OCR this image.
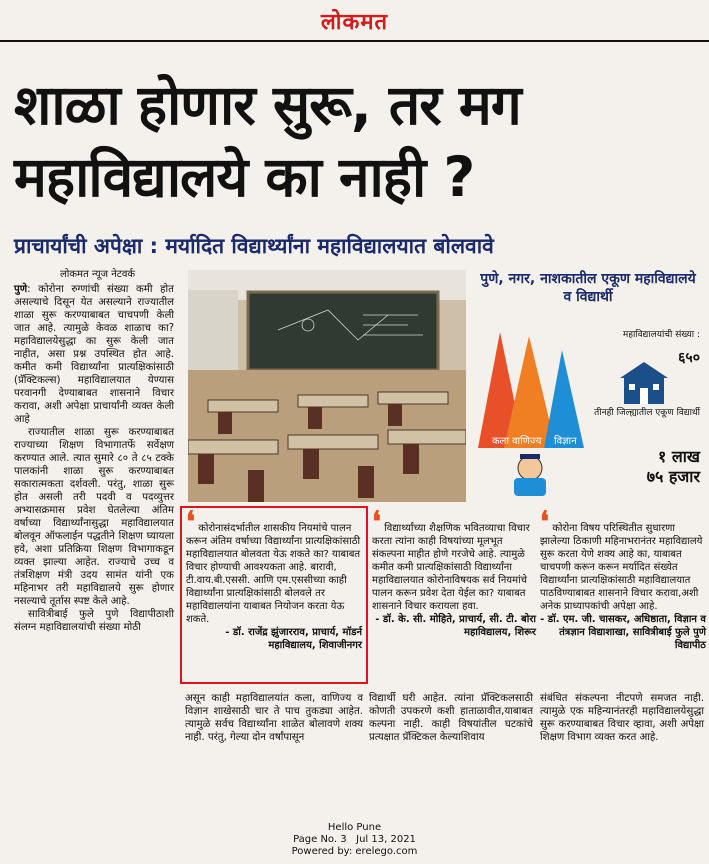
लोकमत
शाळा होणार सुरू, तर मग
महाविद्यालये का नाही ?
प्राचार्यांची अपेक्षा : मर्यादित विद्यार्थ्यांना महाविद्यालयात बोलवावे
लोकमत न्यूज नेटवर्क

पुणे: कोरोना रुग्णांची संख्या कमी होत असल्याचे दिसून येत असल्याने राज्यातील शाळा सुरू करण्याबाबत चाचपणी केली जात आहे. त्यामुळे केवळ शाळाच का? महाविद्यालयेसुद्धा का सुरू केली जात नाहीत, असा प्रश्न उपस्थित होत आहे. कमीत कमी विद्यार्थ्यांना प्रात्यक्षिकांसाठी (प्रॅक्टिकल्स) महाविद्यालयात येण्यास परवानगी देण्याबाबत शासनाने विचार करावा, अशी अपेक्षा प्राचार्यांनी व्यक्त केली आहे

राज्यातील शाळा सुरू करण्याबाबत राज्याच्या शिक्षण विभागातर्फे सर्वेक्षण करण्यात आले. त्यात सुमारे ८० ते ८५ टक्के पालकांनी शाळा सुरू करण्याबाबत सकारात्मकता दर्शवली. परंतु, शाळा सुरू होत असली तरी पदवी व पदव्युत्तर अभ्यासक्रमास प्रवेश घेतलेल्या अंतिम वर्षाच्या विद्यार्थ्यांनासुद्धा महाविद्यालयात बोलवून ऑफलाईन पद्धतीने शिक्षण घ्यायला हवे, अशा प्रतिक्रिया शिक्षण विभागाकडून व्यक्त झाल्या आहेत. राज्याचे उच्च व तंत्रशिक्षण मंत्री उदय सामंत यांनी एक महिनाभर तरी महाविद्यालये सुरू होणार नसल्याचे तूर्तास स्पष्ट केले आहे.

सावित्रीबाई फुले पुणे विद्यापीठाशी संलग्न महाविद्यालयांची संख्या मोठी

पुणे, नगर, नाशकातील एकूण महाविद्यालये व विद्यार्थी
कला वाणिज्य विज्ञान
महाविद्यालयांची संख्या :
६५०
तीनही जिल्ह्यातील एकूण विद्यार्थी
१ लाख
७५ हजार
❛ कोरोनासंदर्भातील शासकीय नियमांचे पालन करून अंतिम वर्षाच्या विद्यार्थ्यांना प्रात्यक्षिकांसाठी महाविद्यालयात बोलवता येऊ शकते का? याबाबत विचार होण्याची आवश्यकता आहे. बारावी, टी.वाय.बी.एससी. आणि एम.एससीच्या काही विद्यार्थ्यांना प्रात्यक्षिकांसाठी बोलवले तर महाविद्यालयांना याबाबत नियोजन करता येऊ शकते.
- डॉ. राजेंद्र झुंजारराव, प्राचार्य, मॉडर्न महाविद्यालय, शिवाजीनगर
❛ विद्यार्थ्यांच्या शैक्षणिक भवितव्याचा विचार करता त्यांना काही विषयांच्या मूलभूत संकल्पना माहीत होणे गरजेचे आहे. त्यामुळे कमीत कमी प्रात्यक्षिकांसाठी विद्यार्थ्यांना महाविद्यालयात कोरोनाविषयक सर्व नियमांचे पालन करून प्रवेश देता येईल का? याबाबत शासनाने विचार करायला हवा.
- डॉ. के. सी. मोहिते, प्राचार्य, सी. टी. बोरा महाविद्यालय, शिरूर
❛ कोरोना विषय परिस्थितीत सुधारणा झालेल्या ठिकाणी महिनाभरानंतर महाविद्यालये सुरू करता येणे शक्य आहे का, याबाबत चाचपणी करून करून मर्यादित संख्येत विद्यार्थ्यांना प्रात्यक्षिकांसाठी महाविद्यालयात पाठविण्याबाबत शासनाने विचार करावा,अशी अनेक प्राध्यापकांची अपेक्षा आहे.
- डॉ. एम. जी. चासकर, अधिष्ठाता, विज्ञान व तंत्रज्ञान विद्याशाखा, सावित्रीबाई फुले पुणे विद्यापीठ
असून काही महाविद्यालयांत कला, वाणिज्य व विज्ञान शाखेसाठी चार ते पाच तुकड्या आहेत. त्यामुळे सर्वच विद्यार्थ्यांना शाळेत बोलावणे शक्य नाही. परंतु, गेल्या दोन वर्षांपासून
विद्यार्थी घरी आहेत. त्यांना प्रॅक्टिकलसाठी कोणती उपकरणे कशी हाताळावीत,याबाबत कल्पना नाही. काही विषयांतील घटकांचे प्रत्यक्षात प्रॅक्टिकल केल्याशिवाय
संबंधित संकल्पना नीटपणे समजत नाही. त्यामुळे एक महिन्यानंतरही महाविद्यालयेसुद्धा सुरू करण्याबाबत विचार व्हावा, अशी अपेक्षा शिक्षण विभाग व्यक्त करत आहे.
Hello Pune
Page No. 3 Jul 13, 2021
Powered by: erelego.com
